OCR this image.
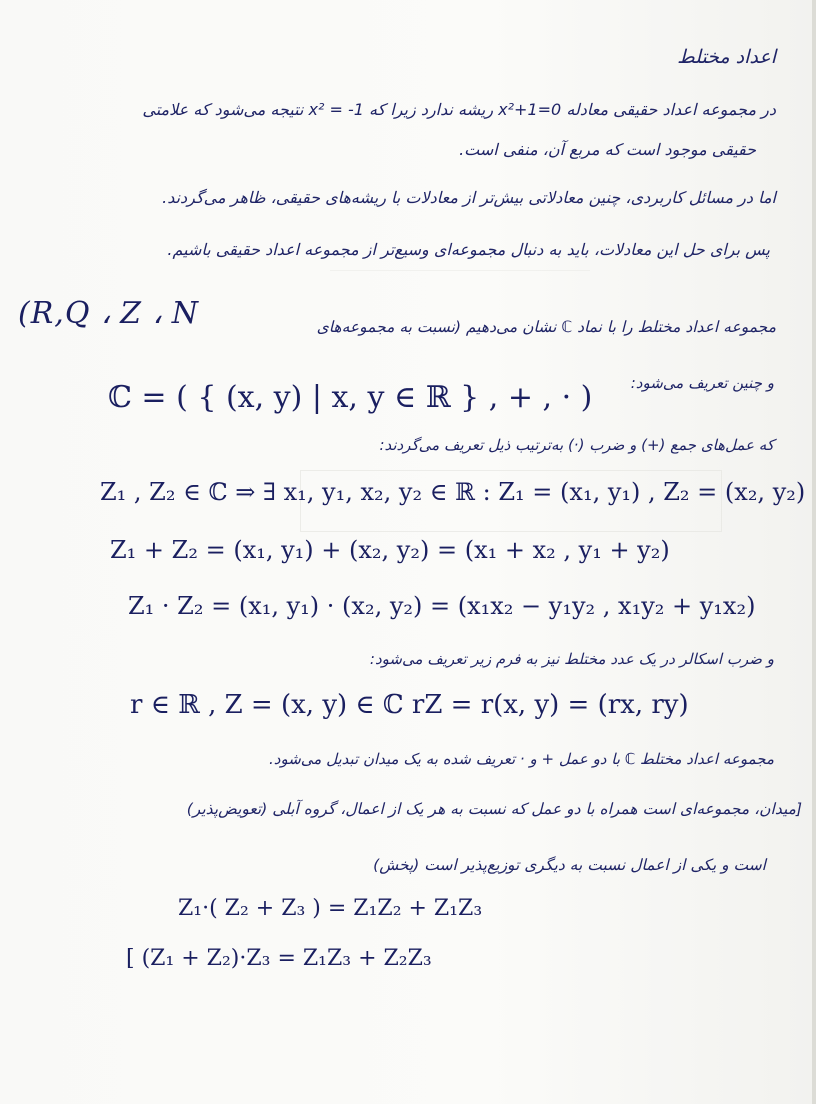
اعداد مختلط
در مجموعه اعداد حقیقی معادله x²+1=0 ریشه ندارد زیرا که x² = -1 نتیجه می‌شود که علامتی
حقیقی موجود است که مربع آن، منفی است.
اما در مسائل کاربردی، چنین معادلاتی بیش‌تر از معادلات با ریشه‌های حقیقی، ظاهر می‌گردند.
پس برای حل این معادلات، باید به دنبال مجموعه‌ای وسیع‌تر از مجموعه اعداد حقیقی باشیم.
(R,Q ، Z ، N	مجموعه اعداد مختلط را با نماد ℂ نشان می‌دهیم (نسبت به مجموعه‌های
و چنین تعریف می‌شود:
ℂ = ( { (x, y) | x, y ∈ ℝ } , + , · )
که عمل‌های جمع (+) و ضرب (·) به‌ترتیب ذیل تعریف می‌گردند:
Z₁ , Z₂ ∈ ℂ ⇒ ∃ x₁, y₁, x₂, y₂ ∈ ℝ : Z₁ = (x₁, y₁) , Z₂ = (x₂, y₂)
Z₁ + Z₂ = (x₁, y₁) + (x₂, y₂) = (x₁ + x₂ , y₁ + y₂)
Z₁ · Z₂ = (x₁, y₁) · (x₂, y₂) = (x₁x₂ − y₁y₂ , x₁y₂ + y₁x₂)
و ضرب اسکالر در یک عدد مختلط نیز به فرم زیر تعریف می‌شود:
r ∈ ℝ , Z = (x, y) ∈ ℂ rZ = r(x, y) = (rx, ry)
مجموعه اعداد مختلط ℂ با دو عمل + و · تعریف شده به یک میدان تبدیل می‌شود.
[میدان، مجموعه‌ای است همراه با دو عمل که نسبت به هر یک از اعمال، گروه آبلی (تعویض‌پذیر)
است و یکی از اعمال نسبت به دیگری توزیع‌پذیر است (پخش)
Z₁·( Z₂ + Z₃ ) = Z₁Z₂ + Z₁Z₃
[ (Z₁ + Z₂)·Z₃ = Z₁Z₃ + Z₂Z₃
